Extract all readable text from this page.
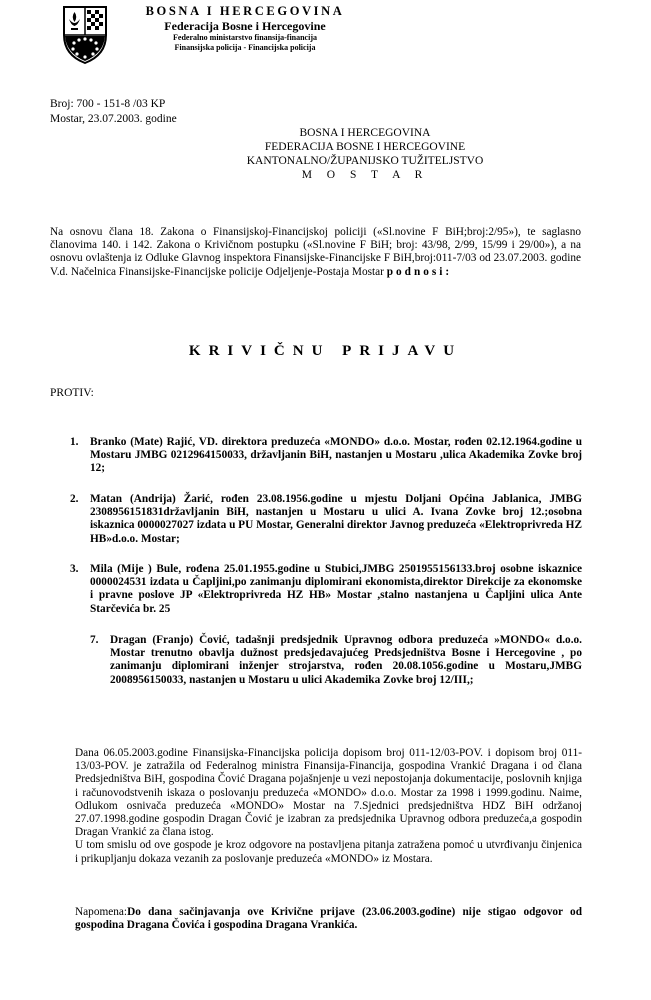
BOSNA I HERCEGOVINA
Federacija Bosne i Hercegovine
Federalno ministarstvo finansija-financija
Finansijska policija - Financijska policija
Broj: 700 - 151-8 /03 KP
Mostar, 23.07.2003. godine
BOSNA I HERCEGOVINA
FEDERACIJA BOSNE I HERCEGOVINE
KANTONALNO/ŽUPANIJSKO TUŽITELJSTVO
M O S T A R
Na osnovu člana 18. Zakona o Finansijskoj-Financijskoj policiji («Sl.novine F BiH;broj:2/95»), te saglasno članovima 140. i 142. Zakona o Krivičnom postupku («Sl.novine F BiH; broj: 43/98, 2/99, 15/99 i 29/00»), a na osnovu ovlaštenja iz Odluke Glavnog inspektora Finansijske-Financijske F BiH,broj:011-7/03 od 23.07.2003. godine V.d. Načelnica Finansijske-Financijske policije Odjeljenje-Postaja Mostar podnosi:
KRIVIČNU PRIJAVU
PROTIV:
1. Branko (Mate) Rajić, VD. direktora preduzeća «MONDO» d.o.o. Mostar, rođen 02.12.1964.godine u Mostaru JMBG 0212964150033, državljanin BiH, nastanjen u Mostaru ,ulica Akademika Zovke broj 12;
2. Matan (Andrija) Žarić, rođen 23.08.1956.godine u mjestu Doljani Općina Jablanica, JMBG 2308956151831državljanin BiH, nastanjen u Mostaru u ulici A. Ivana Zovke broj 12.;osobna iskaznica 0000027027 izdata u PU Mostar, Generalni direktor Javnog preduzeća «Elektroprivreda HZ HB»d.o.o. Mostar;
3. Mila (Mije ) Bule, rođena 25.01.1955.godine u Stubici,JMBG 2501955156133.broj osobne iskaznice 0000024531 izdata u Čapljini,po zanimanju diplomirani ekonomista,direktor Direkcije za ekonomske i pravne poslove JP «Elektroprivreda HZ HB» Mostar ,stalno nastanjena u Čapljini ulica Ante Starčevića br. 25
7. Dragan (Franjo) Čović, tadašnji predsjednik Upravnog odbora preduzeća »MONDO« d.o.o. Mostar trenutno obavlja dužnost predsjedavajućeg Predsjedništva Bosne i Hercegovine , po zanimanju diplomirani inženjer strojarstva, rođen 20.08.1056.godine u Mostaru,JMBG 2008956150033, nastanjen u Mostaru u ulici Akademika Zovke broj 12/III,;
Dana 06.05.2003.godine Finansijska-Financijska policija dopisom broj 011-12/03-POV. i dopisom broj 011-13/03-POV. je zatražila od Federalnog ministra Finansija-Financija, gospodina Vrankić Dragana i od člana Predsjedništva BiH, gospodina Čović Dragana pojašnjenje u vezi nepostojanja dokumentacije, poslovnih knjiga i računovodstvenih iskaza o poslovanju preduzeća «MONDO» d.o.o. Mostar za 1998 i 1999.godinu. Naime, Odlukom osnivača preduzeća «MONDO» Mostar na 7.Sjednici predsjedništva HDZ BiH održanoj 27.07.1998.godine gospodin Dragan Čović je izabran za predsjednika Upravnog odbora preduzeća,a gospodin Dragan Vrankić za člana istog.
U tom smislu od ove gospode je kroz odgovore na postavljena pitanja zatražena pomoć u utvrđivanju činjenica i prikupljanju dokaza vezanih za poslovanje preduzeća «MONDO» iz Mostara.
Napomena:Do dana sačinjavanja ove Krivične prijave (23.06.2003.godine) nije stigao odgovor od gospodina Dragana Čovića i gospodina Dragana Vrankića.
